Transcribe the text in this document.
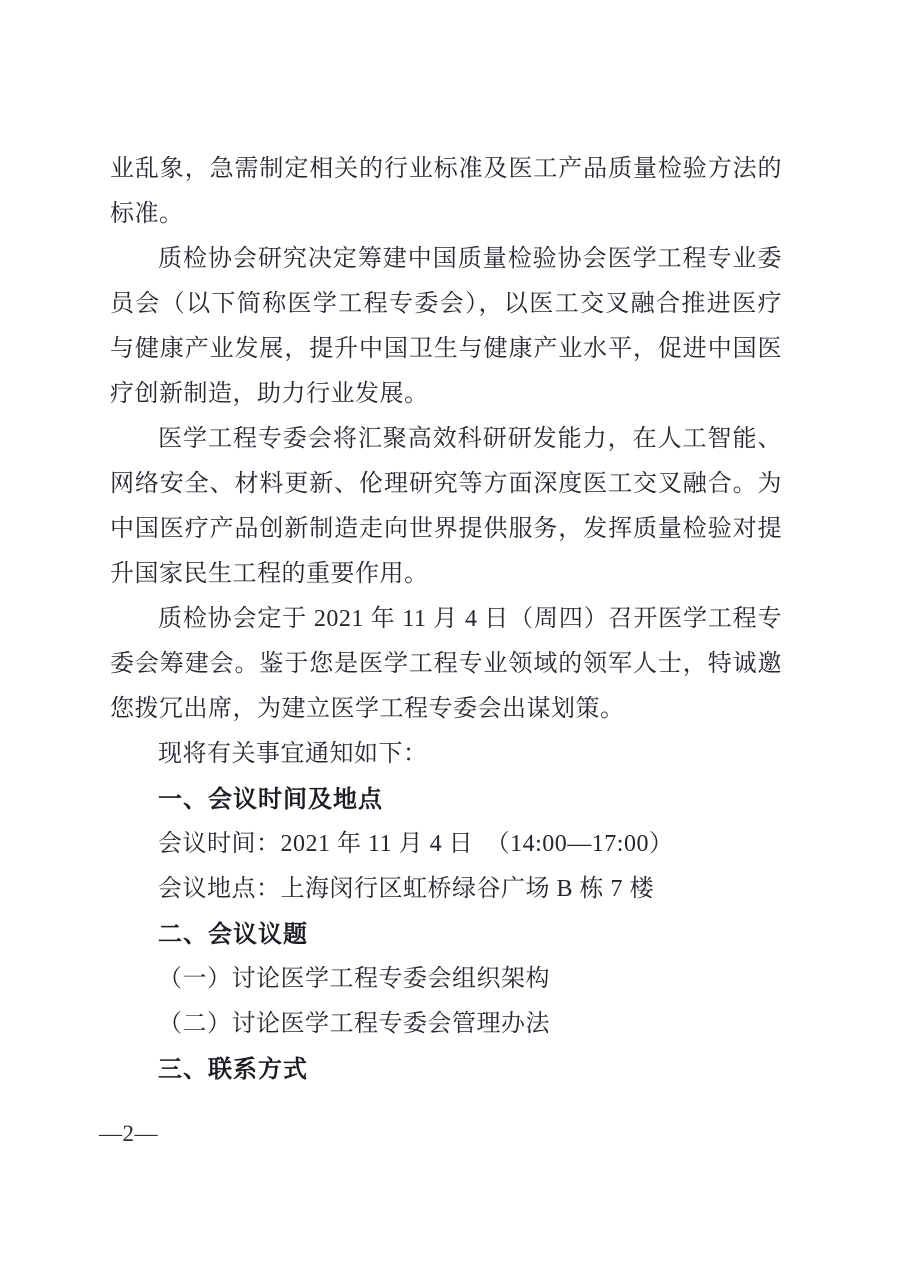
业乱象，急需制定相关的行业标准及医工产品质量检验方法的标准。

质检协会研究决定筹建中国质量检验协会医学工程专业委员会（以下简称医学工程专委会），以医工交叉融合推进医疗与健康产业发展，提升中国卫生与健康产业水平，促进中国医疗创新制造，助力行业发展。

医学工程专委会将汇聚高效科研研发能力，在人工智能、网络安全、材料更新、伦理研究等方面深度医工交叉融合。为中国医疗产品创新制造走向世界提供服务，发挥质量检验对提升国家民生工程的重要作用。

质检协会定于 2021 年 11 月 4 日（周四）召开医学工程专委会筹建会。鉴于您是医学工程专业领域的领军人士，特诚邀您拨冗出席，为建立医学工程专委会出谋划策。

现将有关事宜通知如下：

一、会议时间及地点

会议时间：2021 年 11 月 4 日　（14:00—17:00）

会议地点：上海闵行区虹桥绿谷广场 B 栋 7 楼

二、会议议题

（一）讨论医学工程专委会组织架构

（二）讨论医学工程专委会管理办法

三、联系方式

—2—
